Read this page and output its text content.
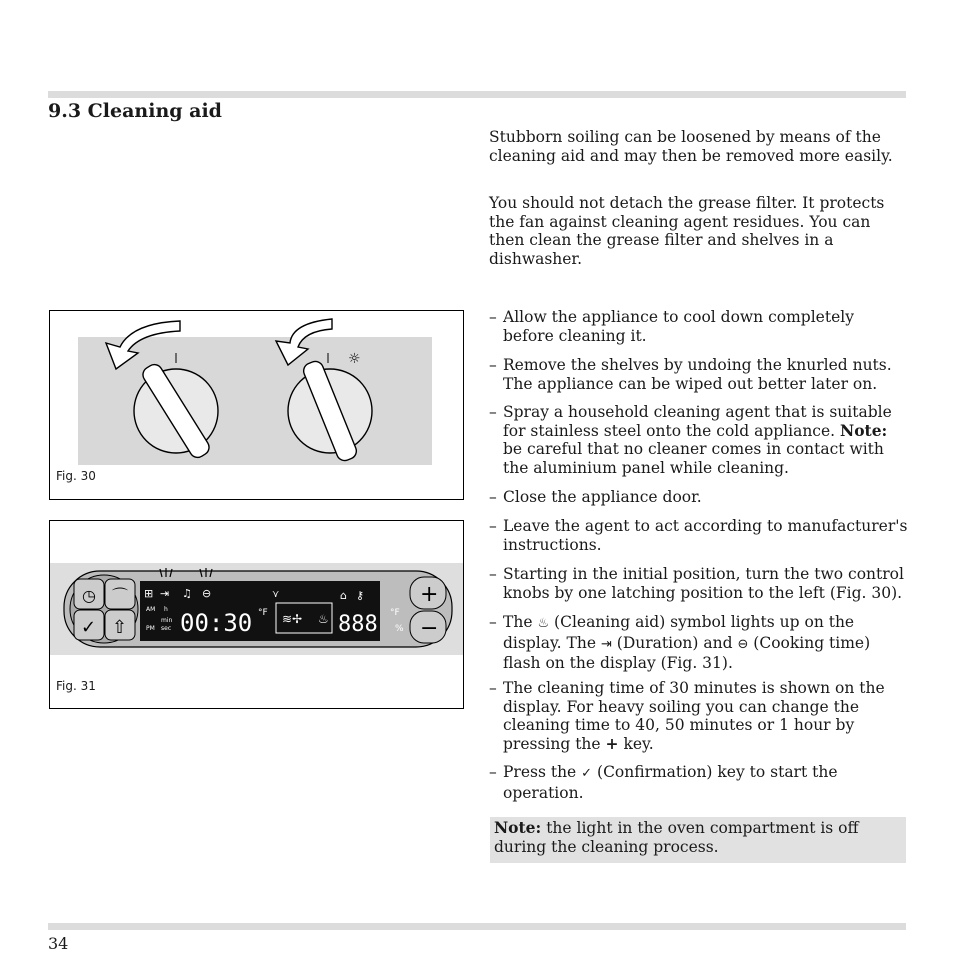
9.3 Cleaning aid
Stubborn soiling can be loosened by means of the cleaning aid and may then be removed more easily.
You should not detach the grease filter. It protects the fan against cleaning agent residues. You can then clean the grease filter and shelves in a dishwasher.
– Allow the appliance to cool down completely before cleaning it.
– Remove the shelves by undoing the knurled nuts. The appliance can be wiped out better later on.
– Spray a household cleaning agent that is suitable for stainless steel onto the cold appliance. Note: be careful that no cleaner comes in contact with the aluminium panel while cleaning.
– Close the appliance door.
– Leave the agent to act according to manufacturer's instructions.
– Starting in the initial position, turn the two control knobs by one latching position to the left (Fig. 30).
– The ♨ (Cleaning aid) symbol lights up on the display. The ⇥ (Duration) and ⊖ (Cooking time) flash on the display (Fig. 31).
– The cleaning time of 30 minutes is shown on the display. For heavy soiling you can change the cleaning time to 40, 50 minutes or 1 hour by pressing the + key.
– Press the ✓ (Confirmation) key to start the operation.
Note: the light in the oven compartment is off during the cleaning process.
☼
Fig. 30
◷ ⌒
✓ ⇧
⊞ ⇥ ♫ ⊖
AM
PM
h
min
sec 00:30 °F
⋎
≋✢ ♨
⌂ ⚷
888 °F
%
+
−
Fig. 31
34
